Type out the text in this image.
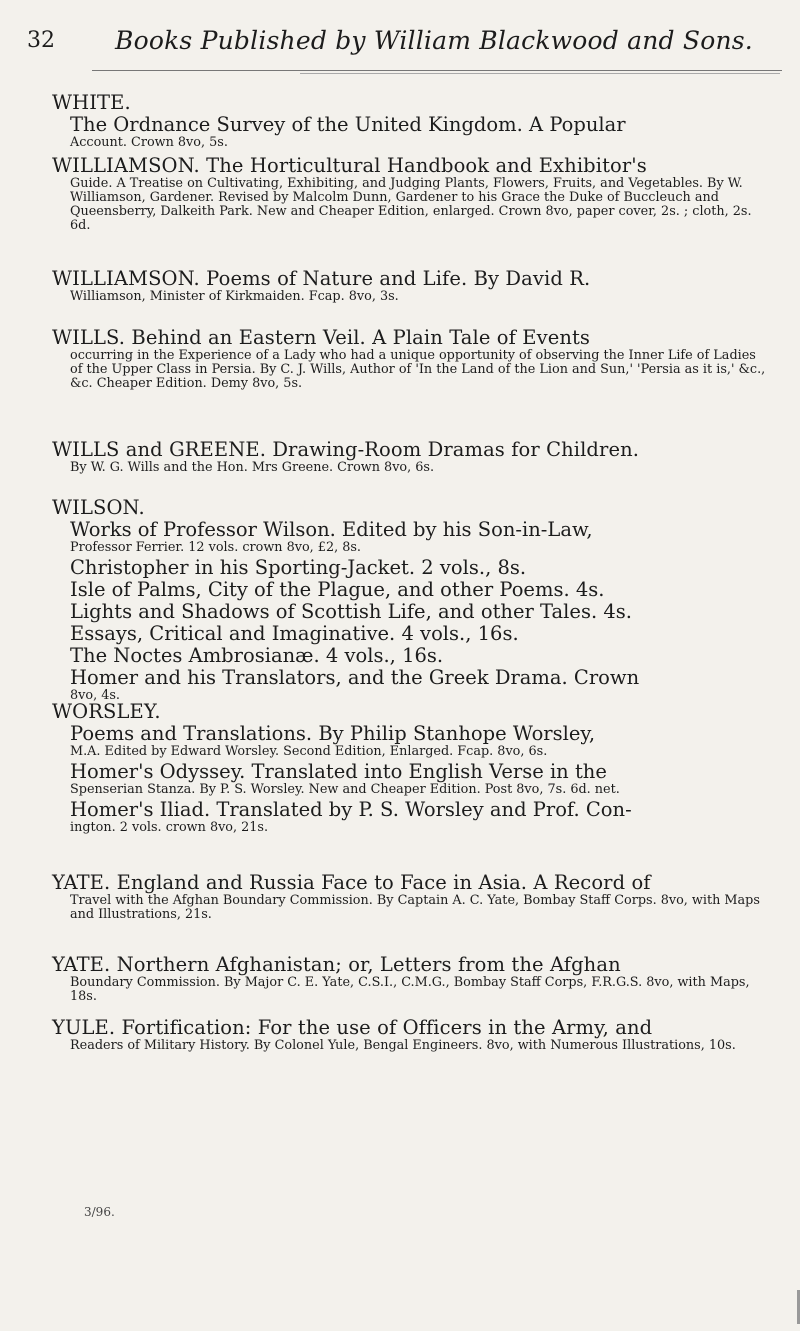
32 Books Published by William Blackwood and Sons.
WHITE.
The Ordnance Survey of the United Kingdom. A Popular
Account. Crown 8vo, 5s.
WILLIAMSON. The Horticultural Handbook and Exhibitor's
Guide. A Treatise on Cultivating, Exhibiting, and Judging Plants, Flowers, Fruits, and Vegetables. By W. Williamson, Gardener. Revised by Malcolm Dunn, Gardener to his Grace the Duke of Buccleuch and Queensberry, Dalkeith Park. New and Cheaper Edition, enlarged. Crown 8vo, paper cover, 2s. ; cloth, 2s. 6d.
WILLIAMSON. Poems of Nature and Life. By David R.
Williamson, Minister of Kirkmaiden. Fcap. 8vo, 3s.
WILLS. Behind an Eastern Veil. A Plain Tale of Events
occurring in the Experience of a Lady who had a unique opportunity of observing the Inner Life of Ladies of the Upper Class in Persia. By C. J. Wills, Author of 'In the Land of the Lion and Sun,' 'Persia as it is,' &c., &c. Cheaper Edition. Demy 8vo, 5s.
WILLS and GREENE. Drawing-Room Dramas for Children.
By W. G. Wills and the Hon. Mrs Greene. Crown 8vo, 6s.
WILSON.
Works of Professor Wilson. Edited by his Son-in-Law,
Professor Ferrier. 12 vols. crown 8vo, £2, 8s.
Christopher in his Sporting-Jacket. 2 vols., 8s.
Isle of Palms, City of the Plague, and other Poems. 4s.
Lights and Shadows of Scottish Life, and other Tales. 4s.
Essays, Critical and Imaginative. 4 vols., 16s.
The Noctes Ambrosianæ. 4 vols., 16s.
Homer and his Translators, and the Greek Drama. Crown
8vo, 4s.
WORSLEY.
Poems and Translations. By Philip Stanhope Worsley,
M.A. Edited by Edward Worsley. Second Edition, Enlarged. Fcap. 8vo, 6s.
Homer's Odyssey. Translated into English Verse in the
Spenserian Stanza. By P. S. Worsley. New and Cheaper Edition. Post 8vo, 7s. 6d. net.
Homer's Iliad. Translated by P. S. Worsley and Prof. Con-
ington. 2 vols. crown 8vo, 21s.
YATE. England and Russia Face to Face in Asia. A Record of
Travel with the Afghan Boundary Commission. By Captain A. C. Yate, Bombay Staff Corps. 8vo, with Maps and Illustrations, 21s.
YATE. Northern Afghanistan; or, Letters from the Afghan
Boundary Commission. By Major C. E. Yate, C.S.I., C.M.G., Bombay Staff Corps, F.R.G.S. 8vo, with Maps, 18s.
YULE. Fortification: For the use of Officers in the Army, and
Readers of Military History. By Colonel Yule, Bengal Engineers. 8vo, with Numerous Illustrations, 10s.
3/96.
